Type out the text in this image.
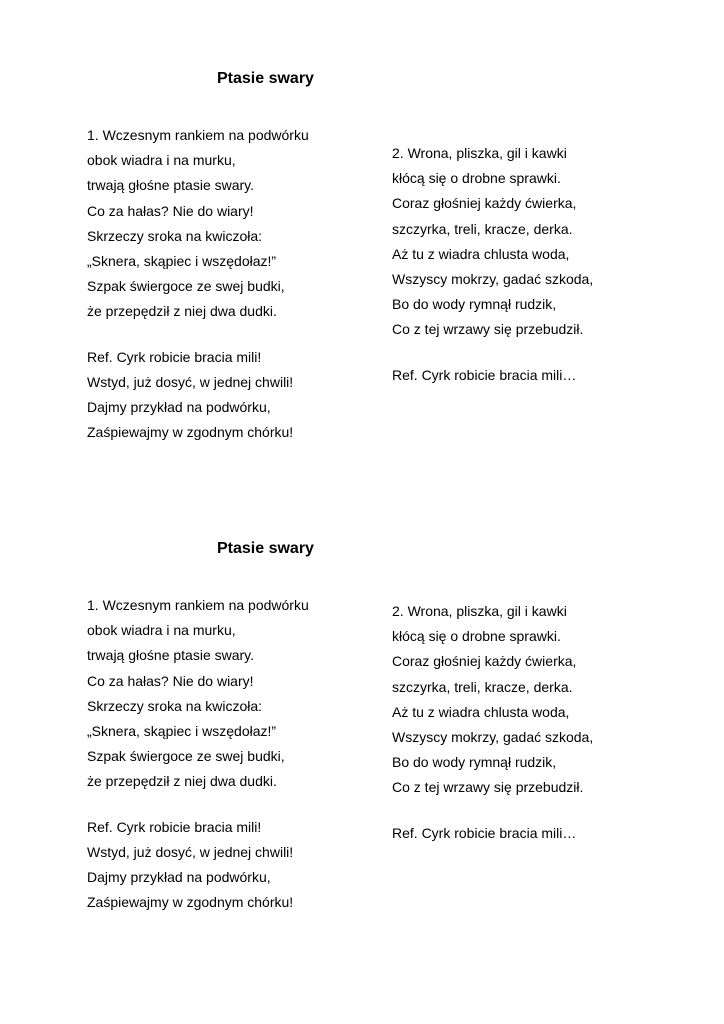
Ptasie swary
1. Wczesnym rankiem na podwórku
obok wiadra i na murku,
trwają głośne ptasie swary.
Co za hałas? Nie do wiary!
Skrzeczy sroka na kwiczoła:
„Sknera, skąpiec i wszędołaz!”
Szpak świergoce ze swej budki,
że przepędził z niej dwa dudki.
Ref. Cyrk robicie bracia mili!
Wstyd, już dosyć, w jednej chwili!
Dajmy przykład na podwórku,
Zaśpiewajmy w zgodnym chórku!
2. Wrona, pliszka, gil i kawki
kłócą się o drobne sprawki.
Coraz głośniej każdy ćwierka,
szczyrka, treli, kracze, derka.
Aż tu z wiadra chlusta woda,
Wszyscy mokrzy, gadać szkoda,
Bo do wody rymnął rudzik,
Co z tej wrzawy się przebudził.
Ref. Cyrk robicie bracia mili…
Ptasie swary
1. Wczesnym rankiem na podwórku
obok wiadra i na murku,
trwają głośne ptasie swary.
Co za hałas? Nie do wiary!
Skrzeczy sroka na kwiczoła:
„Sknera, skąpiec i wszędołaz!”
Szpak świergoce ze swej budki,
że przepędził z niej dwa dudki.
Ref. Cyrk robicie bracia mili!
Wstyd, już dosyć, w jednej chwili!
Dajmy przykład na podwórku,
Zaśpiewajmy w zgodnym chórku!
2. Wrona, pliszka, gil i kawki
kłócą się o drobne sprawki.
Coraz głośniej każdy ćwierka,
szczyrka, treli, kracze, derka.
Aż tu z wiadra chlusta woda,
Wszyscy mokrzy, gadać szkoda,
Bo do wody rymnął rudzik,
Co z tej wrzawy się przebudził.
Ref. Cyrk robicie bracia mili…
